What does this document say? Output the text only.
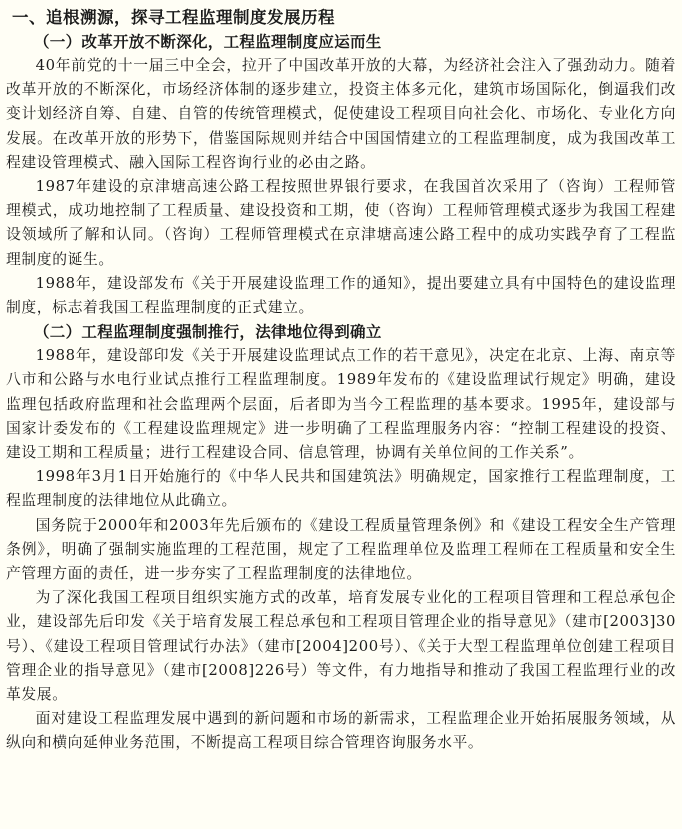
一、追根溯源，探寻工程监理制度发展历程
（一）改革开放不断深化，工程监理制度应运而生

40年前党的十一届三中全会，拉开了中国改革开放的大幕，为经济社会注入了强劲动力。随着改革开放的不断深化，市场经济体制的逐步建立，投资主体多元化，建筑市场国际化，倒逼我们改变计划经济自筹、自建、自管的传统管理模式，促使建设工程项目向社会化、市场化、专业化方向发展。在改革开放的形势下，借鉴国际规则并结合中国国情建立的工程监理制度，成为我国改革工程建设管理模式、融入国际工程咨询行业的必由之路。

1987年建设的京津塘高速公路工程按照世界银行要求，在我国首次采用了（咨询）工程师管理模式，成功地控制了工程质量、建设投资和工期，使（咨询）工程师管理模式逐步为我国工程建设领域所了解和认同。（咨询）工程师管理模式在京津塘高速公路工程中的成功实践孕育了工程监理制度的诞生。

1988年，建设部发布《关于开展建设监理工作的通知》，提出要建立具有中国特色的建设监理制度，标志着我国工程监理制度的正式建立。

（二）工程监理制度强制推行，法律地位得到确立

1988年，建设部印发《关于开展建设监理试点工作的若干意见》，决定在北京、上海、南京等八市和公路与水电行业试点推行工程监理制度。1989年发布的《建设监理试行规定》明确，建设监理包括政府监理和社会监理两个层面，后者即为当今工程监理的基本要求。1995年，建设部与国家计委发布的《工程建设监理规定》进一步明确了工程监理服务内容：“控制工程建设的投资、建设工期和工程质量；进行工程建设合同、信息管理，协调有关单位间的工作关系”。

1998年3月1日开始施行的《中华人民共和国建筑法》明确规定，国家推行工程监理制度，工程监理制度的法律地位从此确立。

国务院于2000年和2003年先后颁布的《建设工程质量管理条例》和《建设工程安全生产管理条例》，明确了强制实施监理的工程范围，规定了工程监理单位及监理工程师在工程质量和安全生产管理方面的责任，进一步夯实了工程监理制度的法律地位。

为了深化我国工程项目组织实施方式的改革，培育发展专业化的工程项目管理和工程总承包企业，建设部先后印发《关于培育发展工程总承包和工程项目管理企业的指导意见》（建市[2003]30号）、《建设工程项目管理试行办法》（建市[2004]200号）、《关于大型工程监理单位创建工程项目管理企业的指导意见》（建市[2008]226号）等文件，有力地指导和推动了我国工程监理行业的改革发展。

面对建设工程监理发展中遇到的新问题和市场的新需求，工程监理企业开始拓展服务领域，从纵向和横向延伸业务范围，不断提高工程项目综合管理咨询服务水平。
